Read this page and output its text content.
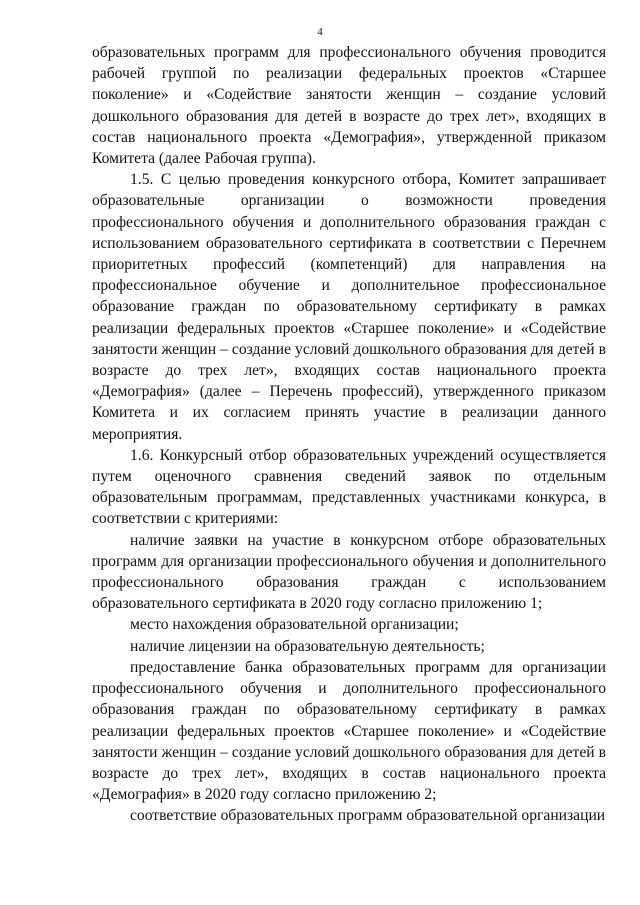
4

образовательных программ для профессионального обучения проводится рабочей группой по реализации федеральных проектов «Старшее поколение» и «Содействие занятости женщин – создание условий дошкольного образования для детей в возрасте до трех лет», входящих в состав национального проекта «Демография», утвержденной приказом Комитета (далее Рабочая группа).

1.5. С целью проведения конкурсного отбора, Комитет запрашивает образовательные организации о возможности проведения профессионального обучения и дополнительного образования граждан с использованием образовательного сертификата в соответствии с Перечнем приоритетных профессий (компетенций) для направления на профессиональное обучение и дополнительное профессиональное образование граждан по образовательному сертификату в рамках реализации федеральных проектов «Старшее поколение» и «Содействие занятости женщин – создание условий дошкольного образования для детей в возрасте до трех лет», входящих состав национального проекта «Демография» (далее – Перечень профессий), утвержденного приказом Комитета и их согласием принять участие в реализации данного мероприятия.

1.6. Конкурсный отбор образовательных учреждений осуществляется путем оценочного сравнения сведений заявок по отдельным образовательным программам, представленных участниками конкурса, в соответствии с критериями:

наличие заявки на участие в конкурсном отборе образовательных программ для организации профессионального обучения и дополнительного профессионального образования граждан с использованием образовательного сертификата в 2020 году согласно приложению 1;

место нахождения образовательной организации;

наличие лицензии на образовательную деятельность;

предоставление банка образовательных программ для организации профессионального обучения и дополнительного профессионального образования граждан по образовательному сертификату в рамках реализации федеральных проектов «Старшее поколение» и «Содействие занятости женщин – создание условий дошкольного образования для детей в возрасте до трех лет», входящих в состав национального проекта «Демография» в 2020 году согласно приложению 2;

соответствие образовательных программ образовательной организации
